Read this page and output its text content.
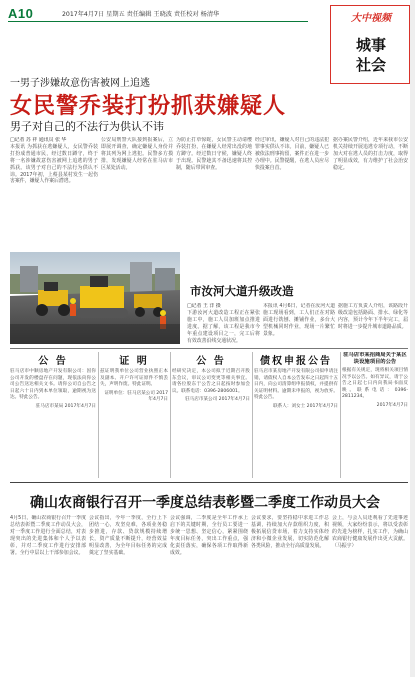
A10	2017年4月7日 星期五 责任编辑 王晓波 责任校对 杨清华	大中视频
城事
社会
一男子涉嫌故意伤害被网上追逃
女民警乔装打扮抓获嫌疑人
男子对自己的不法行为供认不讳
□记者 苏 祥 通讯员 张 华
本报讯 为抓获在逃嫌疑人，女民警乔装打扮成普通市民，经过数日蹲守，终于将一名涉嫌故意伤害被网上追逃的男子抓获。该男子对自己的不法行为供认不讳。2017年初，上蔡县某村发生一起伤害案件，嫌疑人作案后潜逃。
公安局刑警大队接到报案后，立即展开调查，确定嫌疑人身份并将其列为网上逃犯。民警多方摸排，发现嫌疑人经常在驻马店市区某处活动。
为防止打草惊蛇，女民警主动请缨乔装打扮，在嫌疑人经常出没的地方蹲守。经过数日守候，嫌疑人终于出现。民警趁其不备迅速将其控制，随后带回审查。
经过审讯，嫌疑人对自己的违法犯罪事实供认不讳。目前，嫌疑人已被依法刑事拘留，案件正在进一步办理中。民警提醒，在逃人员应尽快投案自首。
据办案民警介绍，近年来我市公安机关持续开展追逃专项行动，不断加大对在逃人员的打击力度，取得了明显成效，有力维护了社会治安稳定。
市汝河大道升级改造
□记者 王 洋 摄
下游汝河大道改造工程正在紧张施工中，施工人员加班加点推进进度。据了解，该工程是我市今年重点建设项目之一，完工后将有效改善沿线交通状况。
本报讯 4月6日，记者在汝河大道施工现场看到，工人们正在对路面进行铣刨、摊铺作业，多台大型机械同时作业，现场一片繁忙景象。
据施工方负责人介绍，该路段升级改造包括路面、排水、绿化等内容，预计今年下半年完工，届时将进一步提升城市道路品质。
公 告
驻马店市中顺房地产开发有限公司：因你公司开发的楼盘存在问题，现依法向你公司公告送达相关文书。请你公司自公告之日起六十日内到本单位领取，逾期视为送达。特此公告。
驻马店市某局 2017年4月7日
证 明
兹证明我单位公司营业执照正本及副本、开户许可证原件不慎丢失，声明作废。特此证明。
证明单位：驻马店某公司 2017年4月7日
公 告
经研究决定，本公司拟于近期召开股东会议，审议公司变更等相关事宜。请各位股东于公告之日起按时参加会议。联系电话：0396-2806001。
驻马店市某公司 2017年4月7日
债权申报公告
驻马店市某房地产开发有限公司拟申请注销，请债权人自本公告发布之日起四十五日内，向公司清算组申报债权，并提供有关证明材料。逾期未申报的，视为放弃。特此公告。
联系人：刘女士 2017年4月7日
驻马店市某招商局关于某区块设施项目的公告
根据有关规定，现将相关项目情况予以公告。如有异议，请于公告之日起七日内向我局书面反映。联系电话：0396-2811234。
2017年4月7日
确山农商银行召开一季度总结表彰暨二季度工作动员大会
4月5日，确山农商银行召开一季度总结表彰暨二季度工作动员大会，对一季度工作进行全面总结，对表现突出的先进集体和个人予以表彰，并对二季度工作进行安排部署。全行中层以上干部参加会议。
会议指出，今年一季度，全行上下团结一心，攻坚克难，各项业务稳步推进，存款、贷款规模持续增长，资产质量不断提升，经营效益明显改善，为全年目标任务的完成奠定了坚实基础。
会议强调，二季度是全年工作承上启下的关键时期，全行员工要进一步统一思想、坚定信心，紧紧围绕年度目标任务，突出工作重点，强化责任落实，确保各项工作取得新成效。
会议要求，要坚持稳中求进工作总基调，持续加大存款组织力度，积极拓展信贷市场，着力支持实体经济和小微企业发展，切实防范化解各类风险，推动全行高质量发展。
会上，与会人员还观看了先进事迹视频，大家纷纷表示，将以受表彰的先进为榜样，扎实工作，为确山农商银行健康发展作出更大贡献。（马振宇）
